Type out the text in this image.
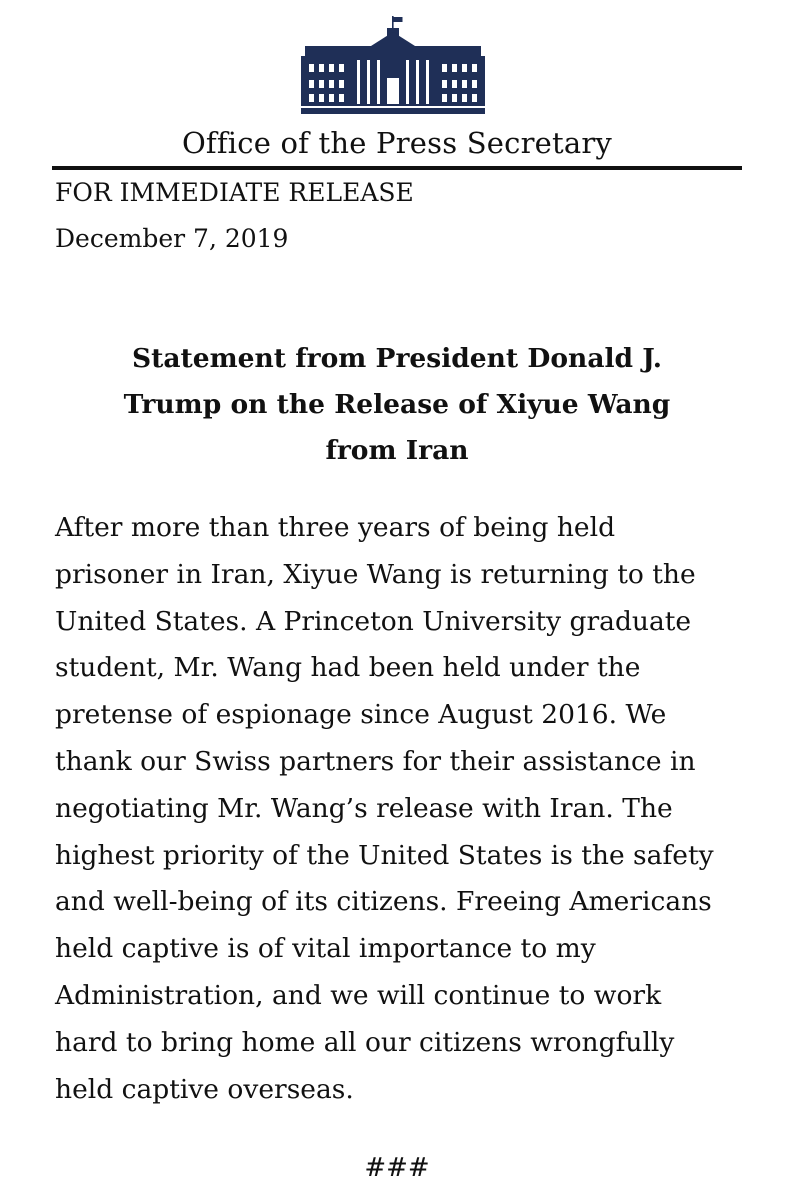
Office of the Press Secretary
FOR IMMEDIATE RELEASE
December 7, 2019
Statement from President Donald J.
Trump on the Release of Xiyue Wang
from Iran

After more than three years of being held
prisoner in Iran, Xiyue Wang is returning to the
United States. A Princeton University graduate
student, Mr. Wang had been held under the
pretense of espionage since August 2016. We
thank our Swiss partners for their assistance in
negotiating Mr. Wang’s release with Iran. The
highest priority of the United States is the safety
and well-being of its citizens. Freeing Americans
held captive is of vital importance to my
Administration, and we will continue to work
hard to bring home all our citizens wrongfully
held captive overseas.

###
